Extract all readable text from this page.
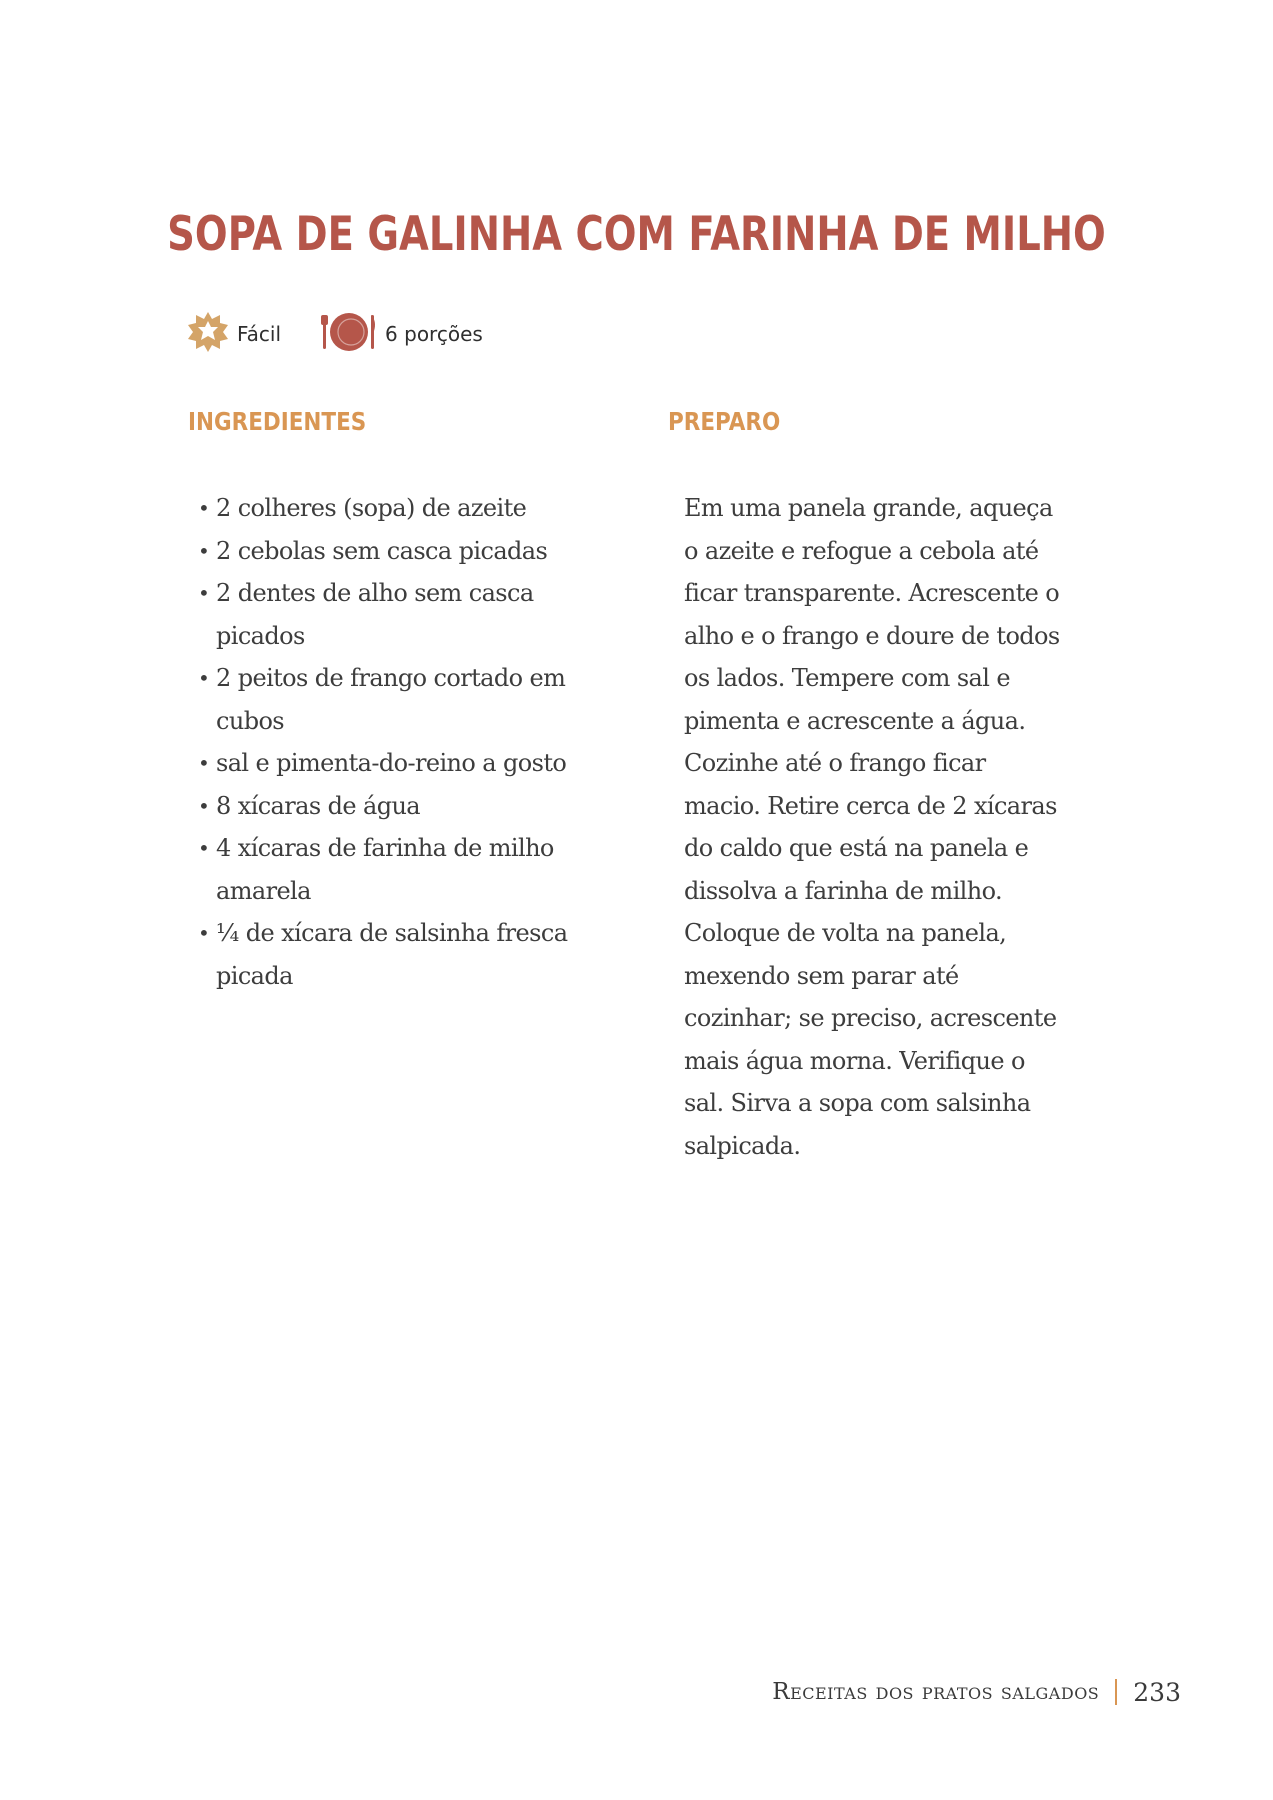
SOPA DE GALINHA COM FARINHA DE MILHO
Fácil	6 porções
INGREDIENTES	PREPARO
• 2 colheres (sopa) de azeite
• 2 cebolas sem casca picadas
• 2 dentes de alho sem casca picados
• 2 peitos de frango cortado em cubos
• sal e pimenta-do-reino a gosto
• 8 xícaras de água
• 4 xícaras de farinha de milho amarela
• ¼ de xícara de salsinha fresca picada

Em uma panela grande, aqueça o azeite e refogue a cebola até ficar transparente. Acrescente o alho e o frango e doure de todos os lados. Tempere com sal e pimenta e acrescente a água. Cozinhe até o frango ficar macio. Retire cerca de 2 xícaras do caldo que está na panela e dissolva a farinha de milho. Coloque de volta na panela, mexendo sem parar até cozinhar; se preciso, acrescente mais água morna. Verifique o sal. Sirva a sopa com salsinha salpicada.

Receitas dos pratos salgados 233
